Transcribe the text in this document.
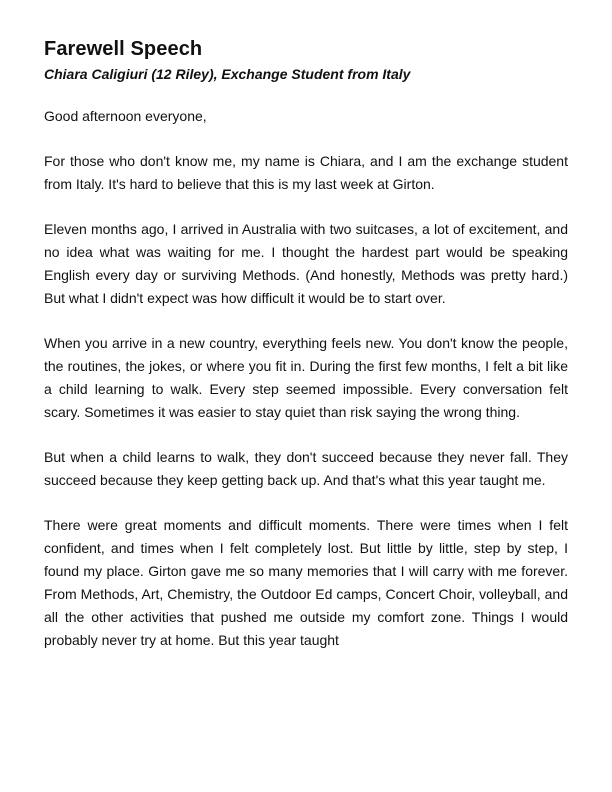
Farewell Speech

Chiara Caligiuri (12 Riley), Exchange Student from Italy

Good afternoon everyone,

For those who don't know me, my name is Chiara, and I am the exchange student from Italy. It's hard to believe that this is my last week at Girton.

Eleven months ago, I arrived in Australia with two suitcases, a lot of excitement, and no idea what was waiting for me. I thought the hardest part would be speaking English every day or surviving Methods. (And honestly, Methods was pretty hard.) But what I didn't expect was how difficult it would be to start over.

When you arrive in a new country, everything feels new. You don't know the people, the routines, the jokes, or where you fit in. During the first few months, I felt a bit like a child learning to walk. Every step seemed impossible. Every conversation felt scary. Sometimes it was easier to stay quiet than risk saying the wrong thing.

But when a child learns to walk, they don't succeed because they never fall. They succeed because they keep getting back up. And that's what this year taught me.

There were great moments and difficult moments. There were times when I felt confident, and times when I felt completely lost. But little by little, step by step, I found my place. Girton gave me so many memories that I will carry with me forever. From Methods, Art, Chemistry, the Outdoor Ed camps, Concert Choir, volleyball, and all the other activities that pushed me outside my comfort zone. Things I would probably never try at home. But this year taught
